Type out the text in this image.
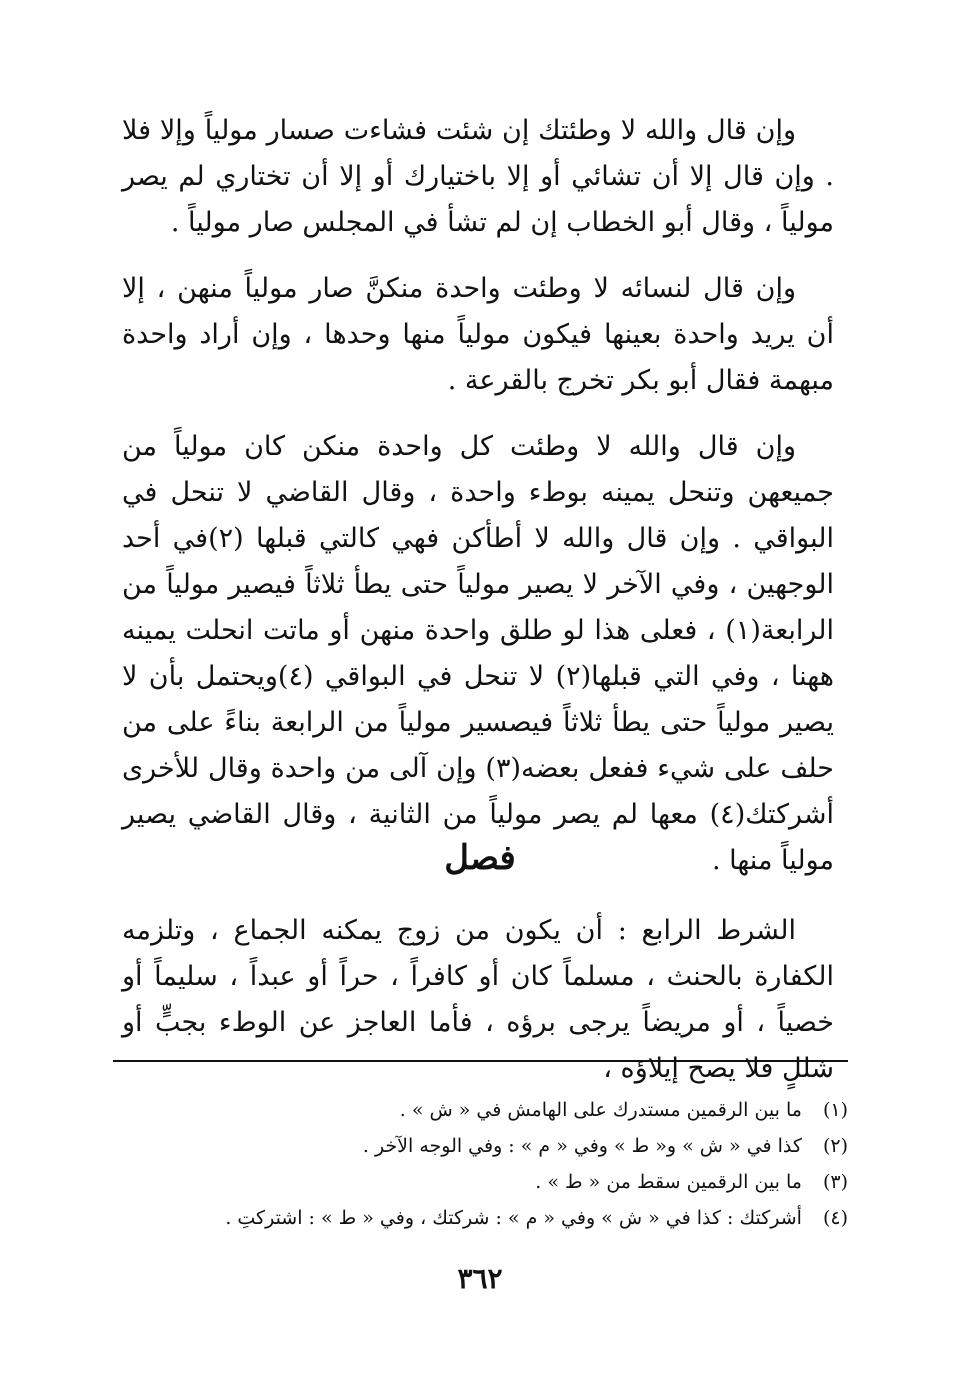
وإن قال والله لا وطئتك إن شئت فشاءت صسار مولياً وإلا فلا . وإن قال إلا أن تشائي أو إلا باختيارك أو إلا أن تختاري لم يصر مولياً ، وقال أبو الخطاب إن لم تشأ في المجلس صار مولياً .

وإن قال لنسائه لا وطئت واحدة منكنَّ صار مولياً منهن ، إلا أن يريد واحدة بعينها فيكون مولياً منها وحدها ، وإن أراد واحدة مبهمة فقال أبو بكر تخرج بالقرعة .

وإن قال والله لا وطئت كل واحدة منكن كان مولياً من جميعهن وتنحل يمينه بوطء واحدة ، وقال القاضي لا تنحل في البواقي . وإن قال والله لا أطأكن فهي كالتي قبلها (٢)في أحد الوجهين ، وفي الآخر لا يصير مولياً حتى يطأ ثلاثاً فيصير مولياً من الرابعة(١) ، فعلى هذا لو طلق واحدة منهن أو ماتت انحلت يمينه ههنا ، وفي التي قبلها(٢) لا تنحل في البواقي (٤)ويحتمل بأن لا يصير مولياً حتى يطأ ثلاثاً فيصسير مولياً من الرابعة بناءً على من حلف على شيء ففعل بعضه(٣) وإن آلى من واحدة وقال للأخرى أشركتك(٤) معها لم يصر مولياً من الثانية ، وقال القاضي يصير مولياً منها .

فصل

الشرط الرابع : أن يكون من زوج يمكنه الجماع ، وتلزمه الكفارة بالحنث ، مسلماً كان أو كافراً ، حراً أو عبداً ، سليماً أو خصياً ، أو مريضاً يرجى برؤه ، فأما العاجز عن الوطء بجبٍّ أو شللٍ فلا يصح إيلاؤه ،

(١) ما بين الرقمين مستدرك على الهامش في « ش » .
(٢) كذا في « ش » و« ط » وفي « م » : وفي الوجه الآخر .
(٣) ما بين الرقمين سقط من « ط » .
(٤) أشركتك : كذا في « ش » وفي « م » : شركتك ، وفي « ط » : اشتركتِ .
٣٦٢
